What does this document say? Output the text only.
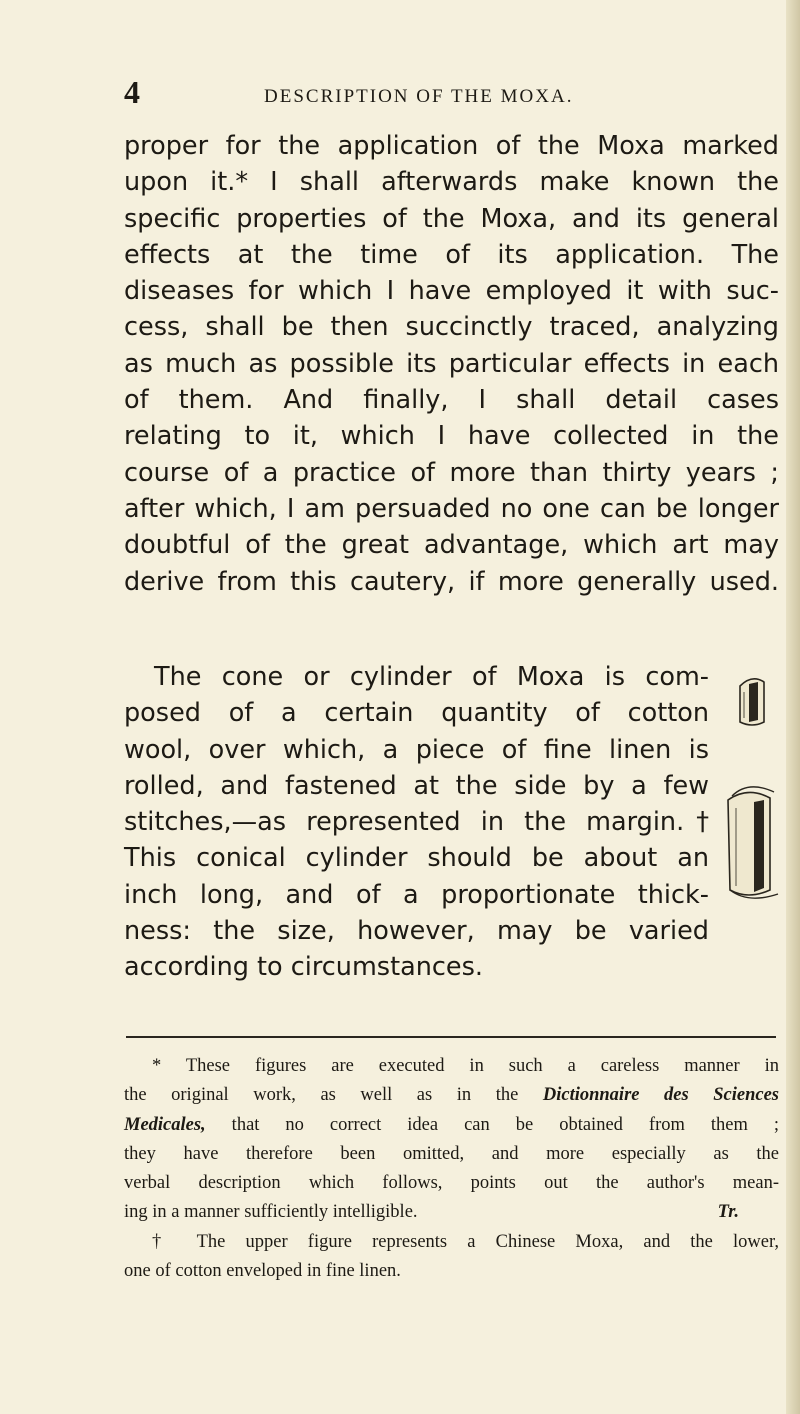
4	DESCRIPTION OF THE MOXA.
proper for the application of the Moxa marked
upon it.* I shall afterwards make known the
specific properties of the Moxa, and its general
effects at the time of its application. The
diseases for which I have employed it with suc-
cess, shall be then succinctly traced, analyzing
as much as possible its particular effects in each
of them. And finally, I shall detail cases
relating to it, which I have collected in the
course of a practice of more than thirty years ;
after which, I am persuaded no one can be longer
doubtful of the great advantage, which art may
derive from this cautery, if more generally used.
The cone or cylinder of Moxa is com-
posed of a certain quantity of cotton
wool, over which, a piece of fine linen is
rolled, and fastened at the side by a few
stitches,—as represented in the margin.†
This conical cylinder should be about an
inch long, and of a proportionate thick-
ness: the size, however, may be varied
according to circumstances.
* These figures are executed in such a careless manner in
the original work, as well as in the Dictionnaire des Sciences
Medicales, that no correct idea can be obtained from them ;
they have therefore been omitted, and more especially as the
verbal description which follows, points out the author's mean-
ing in a manner sufficiently intelligible.	Tr.
† The upper figure represents a Chinese Moxa, and the lower,
one of cotton enveloped in fine linen.
